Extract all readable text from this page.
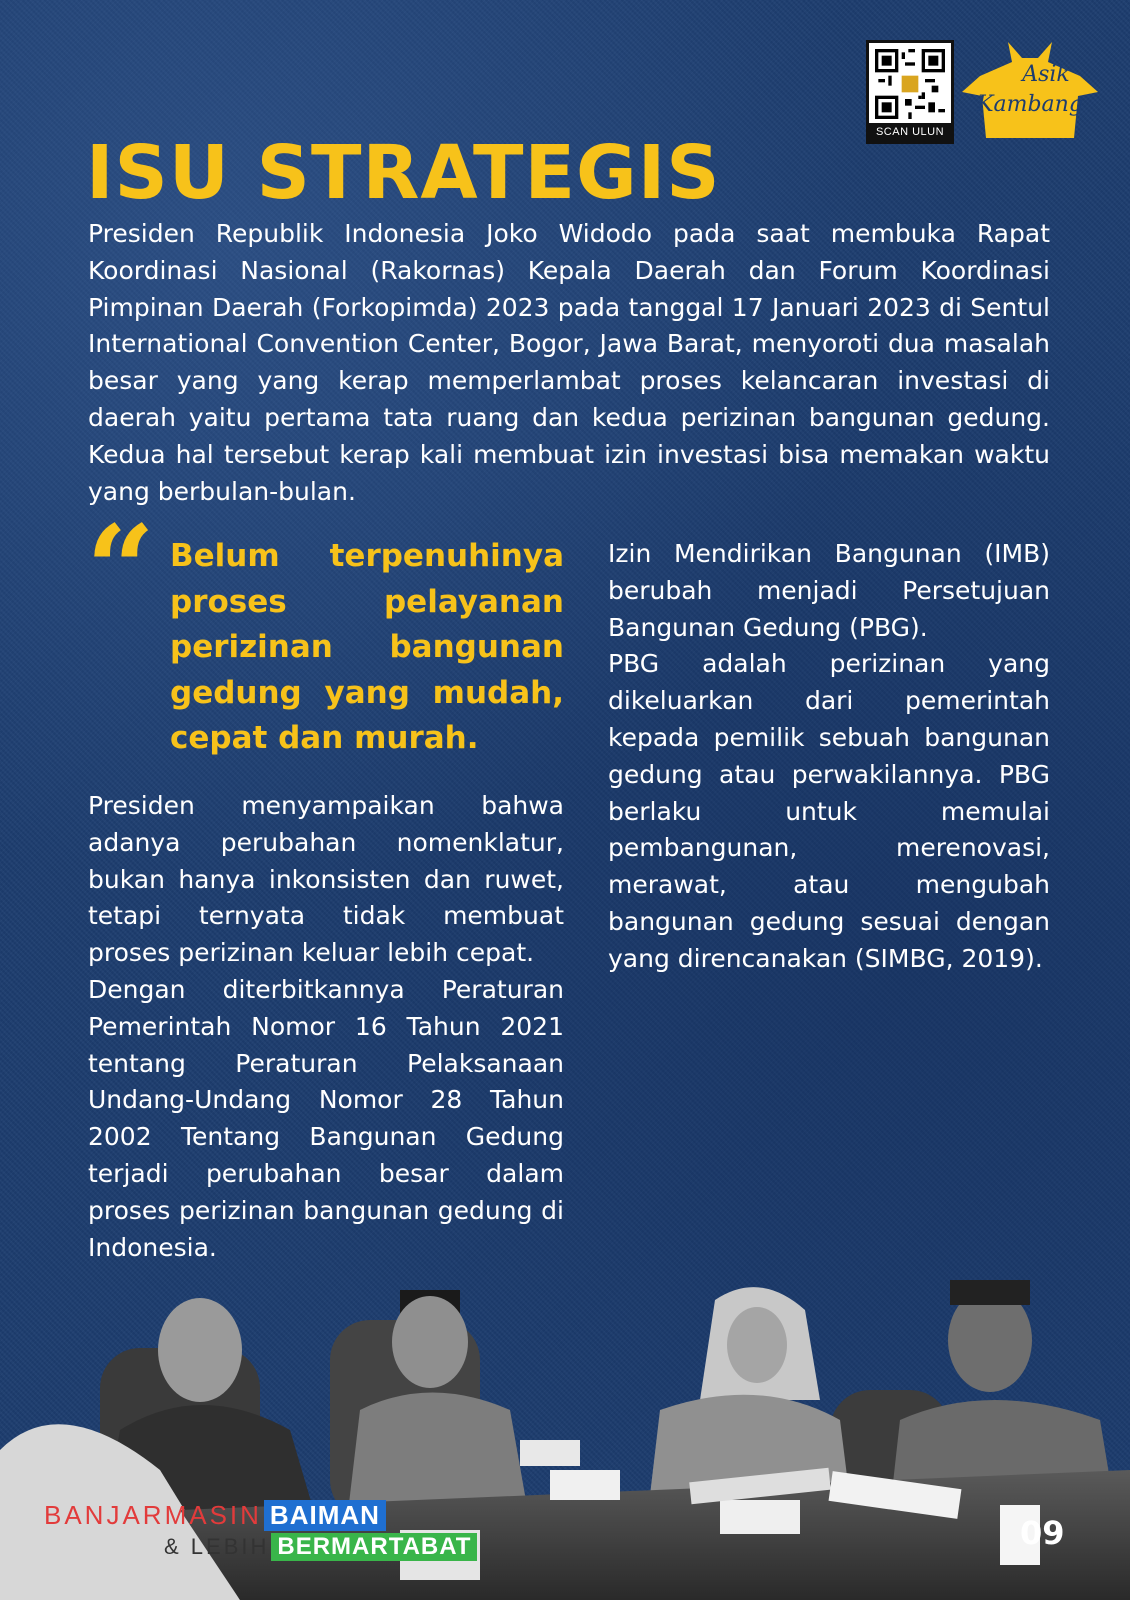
SCAN ULUN
Asik
Kambang
ISU STRATEGIS
Presiden Republik Indonesia Joko Widodo pada saat membuka Rapat Koordinasi Nasional (Rakornas) Kepala Daerah dan Forum Koordinasi Pimpinan Daerah (Forkopimda) 2023 pada tanggal 17 Januari 2023 di Sentul International Convention Center, Bogor, Jawa Barat, menyoroti dua masalah besar yang yang kerap memperlambat proses kelancaran investasi di daerah yaitu pertama tata ruang dan kedua perizinan bangunan gedung. Kedua hal tersebut kerap kali membuat izin investasi bisa memakan waktu yang berbulan-bulan.
“ Belum terpenuhinya proses pelayanan perizinan bangunan gedung yang mudah, cepat dan murah.

Presiden menyampaikan bahwa adanya perubahan nomenklatur, bukan hanya inkonsisten dan ruwet, tetapi ternyata tidak membuat proses perizinan keluar lebih cepat.

Dengan diterbitkannya Peraturan Pemerintah Nomor 16 Tahun 2021 tentang Peraturan Pelaksanaan Undang-Undang Nomor 28 Tahun 2002 Tentang Bangunan Gedung terjadi perubahan besar dalam proses perizinan bangunan gedung di Indonesia.

Izin Mendirikan Bangunan (IMB) berubah menjadi Persetujuan Bangunan Gedung (PBG).

PBG adalah perizinan yang dikeluarkan dari pemerintah kepada pemilik sebuah bangunan gedung atau perwakilannya. PBG berlaku untuk memulai pembangunan, merenovasi, merawat, atau mengubah bangunan gedung sesuai dengan yang direncanakan (SIMBG, 2019).

BANJARMASIN BAIMAN
& LEBIH BERMARTABAT	09
